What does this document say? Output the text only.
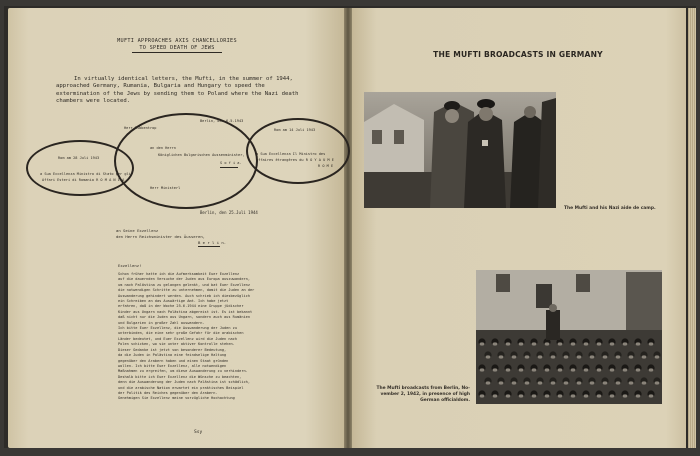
MUFTI APPROACHES AXIS CHANCELLORIES
TO SPEED DEATH OF JEWS
In virtually identical letters, the Mufti, in the summer of 1944, approached Germany, Rumania, Bulgaria and Hungary to speed the extermination of the Jews by sending them to Poland where the Nazi death chambers were located.
Berlin, den 6.5.1943
Herr Ribbentrop
an den Herrn
Königlichen Bulgarischen Aussenminister,
S o f i a.
Herr Ministerl
Rom am 28 Juli 1943
a Sua Eccellenza Ministro di Stato per gli
Affari Esteri di Romania R O M A N I A
Rom am 14 Juli 1943
a Sua Eccellenza Il Ministro des
affaires étrangères du R O Y A U M E
R O M E
Berlin, den 25.Juli 1944
an Seine Exzellenz
den Herrn Reichsminister des Äusseren,
B e r l i n.
Exzellenz!
Schon früher hatte ich die Aufmerksamkeit Euer Exzellenz
auf die dauernden Versuche der Juden aus Europa auszuwandern,
um nach Palästina zu gelangen gelenkt, und bat Euer Exzellenz
die notwendigen Schritte zu unternehmen, damit die Juden an der
Auswanderung gehindert werden. Auch schrieb ich diesbezüglich
ein Schreiben an das Auswärtige Amt. Ich habe jetzt
erfahren, daß in der Woche 25.6.1944 eine Gruppe jüdischer
Kinder aus Ungarn nach Palästina abgereist ist. Es ist bekannt
daß nicht nur die Juden aus Ungarn, sondern auch aus Rumänien
und Bulgarien in großer Zahl auswandern.
Ich bitte Euer Exzellenz, die Auswanderung der Juden zu
unterbinden, die eine sehr große Gefahr für die arabischen
Länder bedeutet, und Euer Exzellenz wird die Juden nach
Polen schicken, wo sie unter aktiver Kontrolle stehen.
Dieser Gedanke ist jetzt von besonderer Bedeutung,
da die Juden in Palästina eine feindselige Haltung
gegenüber den Arabern haben und einen Staat gründen
wollen. Ich bitte Euer Exzellenz, alle notwendigen
Maßnahmen zu ergreifen, um diese Auswanderung zu verhindern.
Deshalb bitte ich Euer Exzellenz die Wünsche zu beachten,
denn die Auswanderung der Juden nach Palästina ist schädlich,
und die arabische Nation erwartet ein praktisches Beispiel
der Politik des Reiches gegenüber den Arabern.
Genehmigen Sie Exzellenz meine vorzügliche Hochachtung
Ssy
THE MUFTI BROADCASTS IN GERMANY
The Mufti and his Nazi aide de camp.
The Mufti broadcasts from Berlin, No-
vember 2, 1942, in presence of high
German officialdom.
